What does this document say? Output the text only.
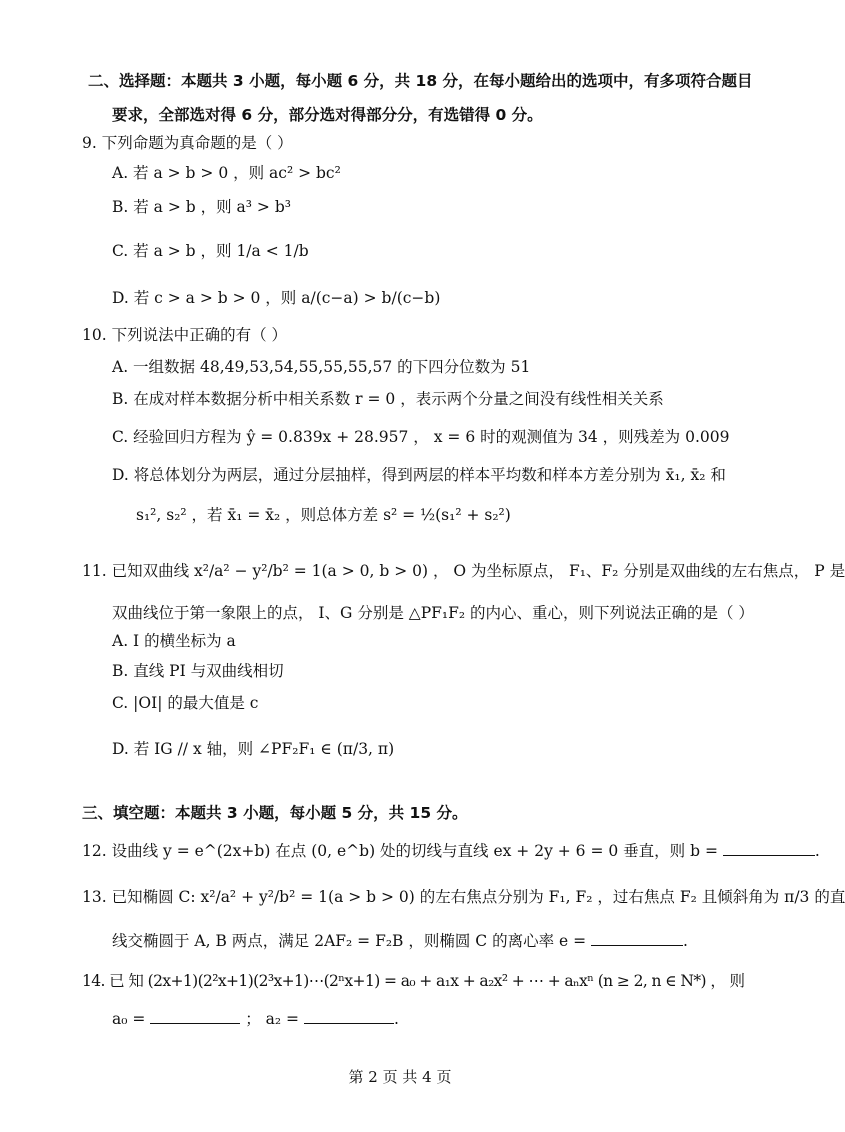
二、选择题：本题共 3 小题，每小题 6 分，共 18 分，在每小题给出的选项中，有多项符合题目
要求，全部选对得 6 分，部分选对得部分分，有选错得 0 分。
9. 下列命题为真命题的是（ ）
A. 若 a > b > 0 ，则 ac² > bc²
B. 若 a > b ，则 a³ > b³
C. 若 a > b ，则 1/a < 1/b
D. 若 c > a > b > 0 ，则 a/(c−a) > b/(c−b)
10. 下列说法中正确的有（ ）
A. 一组数据 48,49,53,54,55,55,55,57 的下四分位数为 51
B. 在成对样本数据分析中相关系数 r = 0 ，表示两个分量之间没有线性相关关系
C. 经验回归方程为 ŷ = 0.839x + 28.957 ， x = 6 时的观测值为 34 ，则残差为 0.009
D. 将总体划分为两层，通过分层抽样，得到两层的样本平均数和样本方差分别为 x̄₁, x̄₂ 和
s₁², s₂² ，若 x̄₁ = x̄₂ ，则总体方差 s² = ½(s₁² + s₂²)
11. 已知双曲线 x²/a² − y²/b² = 1(a > 0, b > 0) ， O 为坐标原点， F₁、F₂ 分别是双曲线的左右焦点， P 是
双曲线位于第一象限上的点， I、G 分别是 △PF₁F₂ 的内心、重心，则下列说法正确的是（ ）
A. I 的横坐标为 a
B. 直线 PI 与双曲线相切
C. |OI| 的最大值是 c
D. 若 IG // x 轴，则 ∠PF₂F₁ ∈ (π/3, π)
三、填空题：本题共 3 小题，每小题 5 分，共 15 分。
12. 设曲线 y = e^(2x+b) 在点 (0, e^b) 处的切线与直线 ex + 2y + 6 = 0 垂直，则 b =	.
13. 已知椭圆 C: x²/a² + y²/b² = 1(a > b > 0) 的左右焦点分别为 F₁, F₂ ，过右焦点 F₂ 且倾斜角为 π/3 的直
线交椭圆于 A, B 两点，满足 2AF₂ = F₂B ，则椭圆 C 的离心率 e =	.
14. 已 知 (2x+1)(2²x+1)(2³x+1)⋯(2ⁿx+1) = a₀ + a₁x + a₂x² + ⋯ + aₙxⁿ (n ≥ 2, n ∈ N*) ， 则
a₀ =	； a₂ =	.
第 2 页 共 4 页
